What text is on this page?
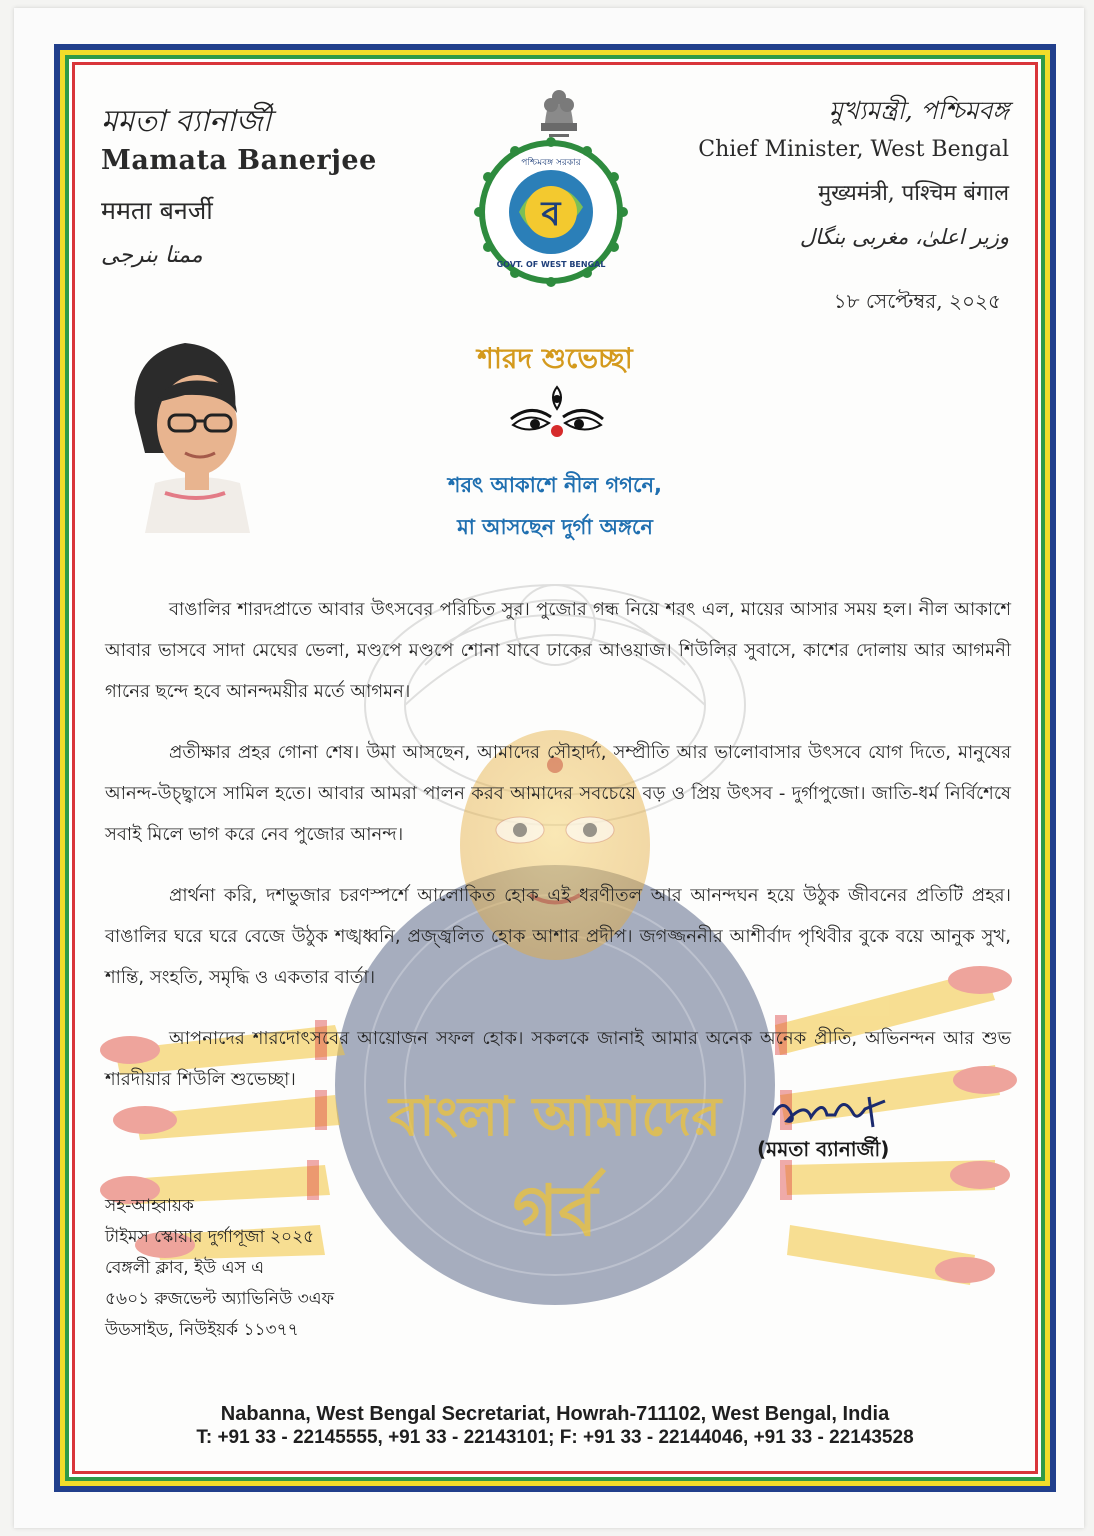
বাংলা আমাদের
গর্ব
মমতা ব্যানার্জী
Mamata Banerjee
ममता बनर्जी
ممتا بنرجی
ব
পশ্চিমবঙ্গ সরকার
GOVT. OF WEST BENGAL
মুখ্যমন্ত্রী, পশ্চিমবঙ্গ
Chief Minister, West Bengal
मुख्यमंत्री, पश्चिम बंगाल
وزیر اعلیٰ، مغربی بنگال
১৮ সেপ্টেম্বর, ২০২৫
শারদ শুভেচ্ছা
শরৎ আকাশে নীল গগনে,
মা আসছেন দুর্গা অঙ্গনে

বাঙালির শারদপ্রাতে আবার উৎসবের পরিচিত সুর। পুজোর গন্ধ নিয়ে শরৎ এল, মায়ের আসার সময় হল। নীল আকাশে আবার ভাসবে সাদা মেঘের ভেলা, মণ্ডপে মণ্ডপে শোনা যাবে ঢাকের আওয়াজ। শিউলির সুবাসে, কাশের দোলায় আর আগমনী গানের ছন্দে হবে আনন্দময়ীর মর্তে আগমন।

প্রতীক্ষার প্রহর গোনা শেষ। উমা আসছেন, আমাদের সৌহার্দ্য, সম্প্রীতি আর ভালোবাসার উৎসবে যোগ দিতে, মানুষের আনন্দ-উচ্ছ্বাসে সামিল হতে। আবার আমরা পালন করব আমাদের সবচেয়ে বড় ও প্রিয় উৎসব - দুর্গাপুজো। জাতি-ধর্ম নির্বিশেষে সবাই মিলে ভাগ করে নেব পুজোর আনন্দ।

প্রার্থনা করি, দশভুজার চরণস্পর্শে আলোকিত হোক এই ধরণীতল আর আনন্দঘন হয়ে উঠুক জীবনের প্রতিটি প্রহর। বাঙালির ঘরে ঘরে বেজে উঠুক শঙ্খধ্বনি, প্রজ্জ্বলিত হোক আশার প্রদীপ। জগজ্জননীর আশীর্বাদ পৃথিবীর বুকে বয়ে আনুক সুখ, শান্তি, সংহতি, সমৃদ্ধি ও একতার বার্তা।

আপনাদের শারদোৎসবের আয়োজন সফল হোক। সকলকে জানাই আমার অনেক অনেক প্রীতি, অভিনন্দন আর শুভ শারদীয়ার শিউলি শুভেচ্ছা।

(মমতা ব্যানার্জী)
সহ-আহ্বায়ক
টাইমস স্কোয়ার দুর্গাপূজা ২০২৫
বেঙ্গলী ক্লাব, ইউ এস এ
৫৬০১ রুজভেল্ট অ্যাভিনিউ ৩এফ
উডসাইড, নিউইয়র্ক ১১৩৭৭
Nabanna, West Bengal Secretariat, Howrah-711102, West Bengal, India
T: +91 33 - 22145555, +91 33 - 22143101; F: +91 33 - 22144046, +91 33 - 22143528
